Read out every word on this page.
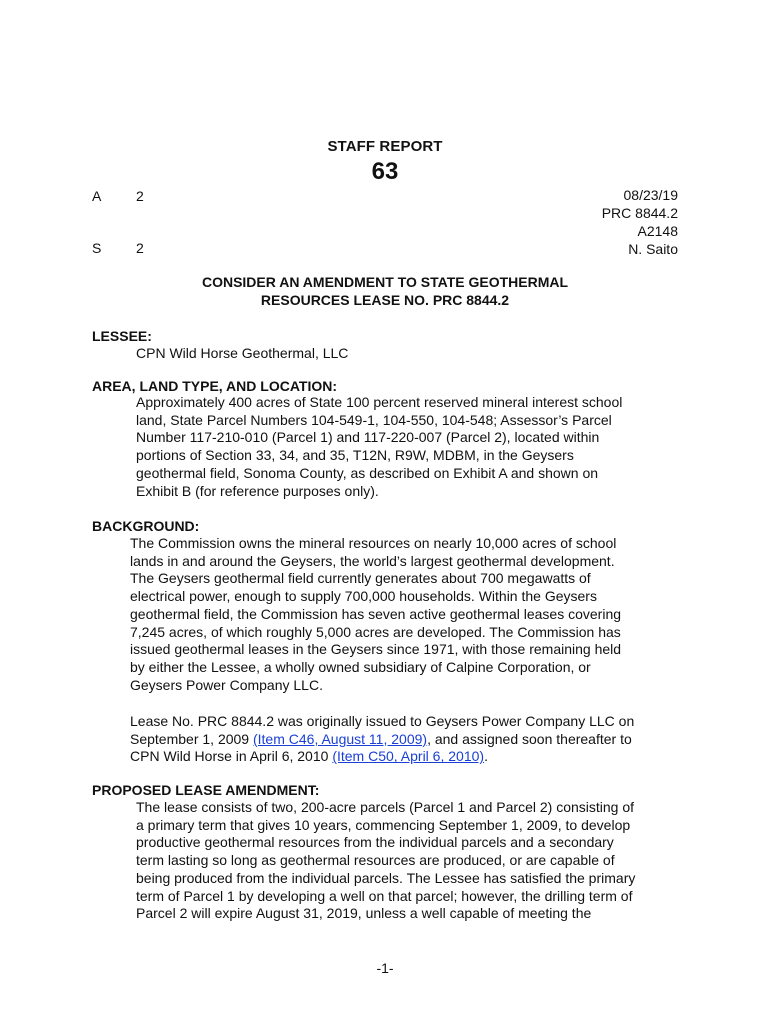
STAFF REPORT
63
A 2
S 2
08/23/19
PRC 8844.2
A2148
N. Saito
CONSIDER AN AMENDMENT TO STATE GEOTHERMAL
RESOURCES LEASE NO. PRC 8844.2
LESSEE:
CPN Wild Horse Geothermal, LLC
AREA, LAND TYPE, AND LOCATION:
Approximately 400 acres of State 100 percent reserved mineral interest school
land, State Parcel Numbers 104-549-1, 104-550, 104-548; Assessor’s Parcel
Number 117-210-010 (Parcel 1) and 117-220-007 (Parcel 2), located within
portions of Section 33, 34, and 35, T12N, R9W, MDBM, in the Geysers
geothermal field, Sonoma County, as described on Exhibit A and shown on
Exhibit B (for reference purposes only).
BACKGROUND:
The Commission owns the mineral resources on nearly 10,000 acres of school
lands in and around the Geysers, the world’s largest geothermal development.
The Geysers geothermal field currently generates about 700 megawatts of
electrical power, enough to supply 700,000 households. Within the Geysers
geothermal field, the Commission has seven active geothermal leases covering
7,245 acres, of which roughly 5,000 acres are developed. The Commission has
issued geothermal leases in the Geysers since 1971, with those remaining held
by either the Lessee, a wholly owned subsidiary of Calpine Corporation, or
Geysers Power Company LLC.
Lease No. PRC 8844.2 was originally issued to Geysers Power Company LLC on
September 1, 2009 (Item C46, August 11, 2009), and assigned soon thereafter to
CPN Wild Horse in April 6, 2010 (Item C50, April 6, 2010).
PROPOSED LEASE AMENDMENT:
The lease consists of two, 200-acre parcels (Parcel 1 and Parcel 2) consisting of
a primary term that gives 10 years, commencing September 1, 2009, to develop
productive geothermal resources from the individual parcels and a secondary
term lasting so long as geothermal resources are produced, or are capable of
being produced from the individual parcels. The Lessee has satisfied the primary
term of Parcel 1 by developing a well on that parcel; however, the drilling term of
Parcel 2 will expire August 31, 2019, unless a well capable of meeting the
-1-
